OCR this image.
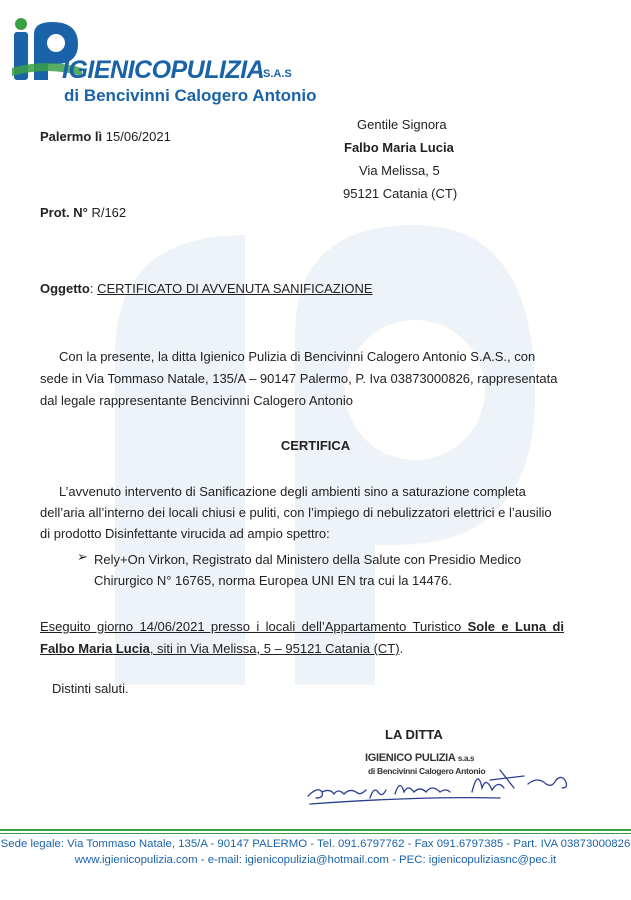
IGIENICOPULIZIA
S.A.S
di Bencivinni Calogero Antonio
Palermo lì 15/06/2021
Prot. N° R/162
Gentile Signora
Falbo Maria Lucia
Via Melissa, 5
95121 Catania (CT)
Oggetto: CERTIFICATO DI AVVENUTA SANIFICAZIONE
Con la presente, la ditta Igienico Pulizia di Bencivinni Calogero Antonio S.A.S., con
sede in Via Tommaso Natale, 135/A – 90147 Palermo, P. Iva 03873000826, rappresentata
dal legale rappresentante Bencivinni Calogero Antonio
CERTIFICA
L’avvenuto intervento di Sanificazione degli ambienti sino a saturazione completa
dell’aria all’interno dei locali chiusi e puliti, con l’impiego di nebulizzatori elettrici e l’ausilio
di prodotto Disinfettante virucida ad ampio spettro:
➢ Rely+On Virkon, Registrato dal Ministero della Salute con Presidio Medico
Chirurgico N° 16765, norma Europea UNI EN tra cui la 14476.
Eseguito giorno 14/06/2021 presso i locali dell’Appartamento Turistico Sole e Luna di
Falbo Maria Lucia, siti in Via Melissa, 5 – 95121 Catania (CT).
Distinti saluti.
LA DITTA
IGIENICO PULIZIA s.a.s
di Bencivinni Calogero Antonio
Sede legale: Via Tommaso Natale, 135/A - 90147 PALERMO - Tel. 091.6797762 - Fax 091.6797385 - Part. IVA 03873000826
www.igienicopulizia.com - e-mail: igienicopulizia@hotmail.com - PEC: igienicopuliziasnc@pec.it
